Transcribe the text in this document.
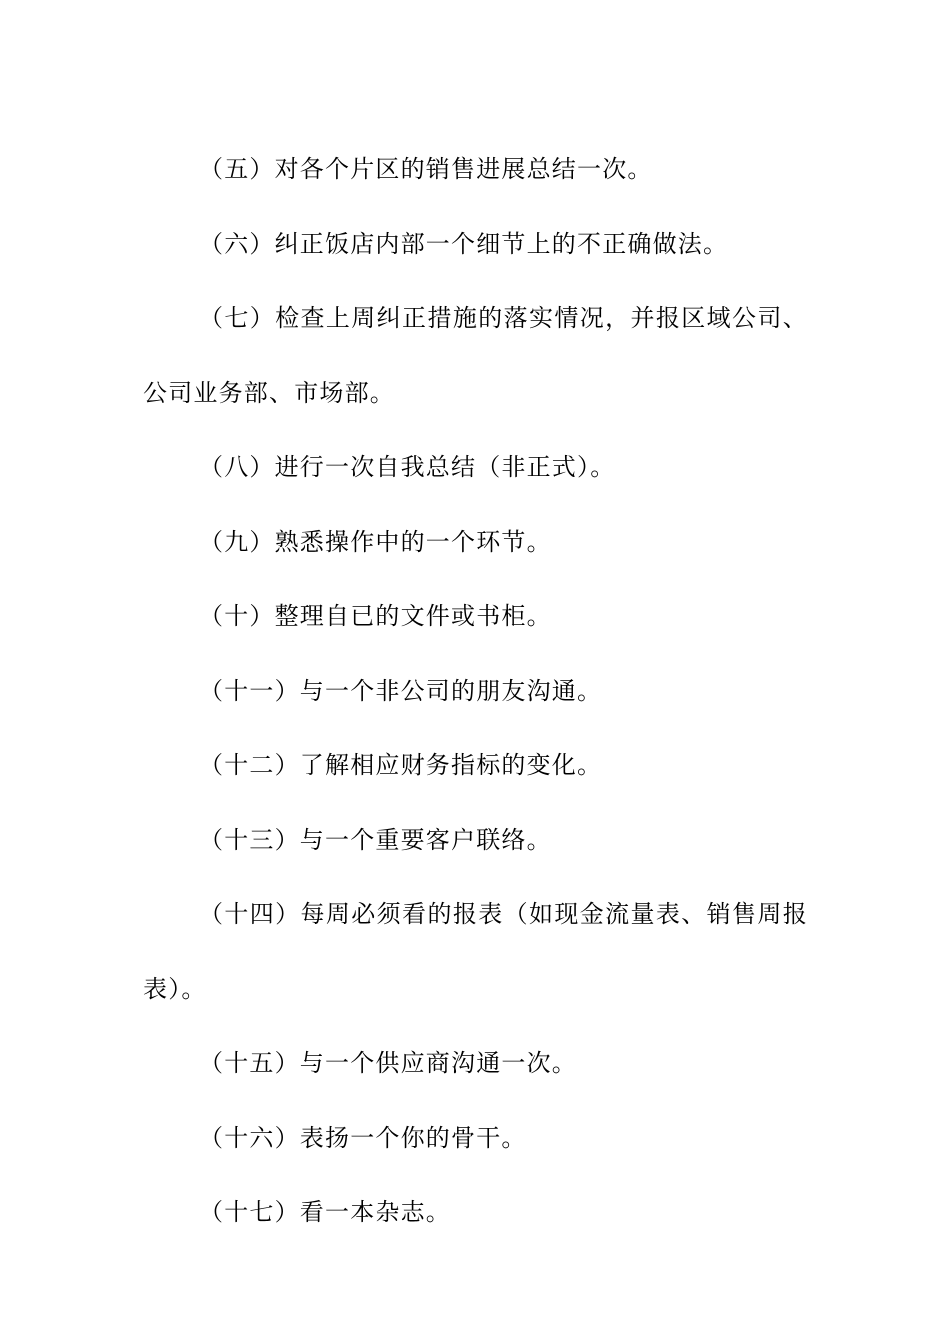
（五）对各个片区的销售进展总结一次。

（六）纠正饭店内部一个细节上的不正确做法。

（七）检查上周纠正措施的落实情况，并报区域公司、公司业务部、市场部。

（八）进行一次自我总结（非正式）。

（九）熟悉操作中的一个环节。

（十）整理自已的文件或书柜。

（十一）与一个非公司的朋友沟通。

（十二）了解相应财务指标的变化。

（十三）与一个重要客户联络。

（十四）每周必须看的报表（如现金流量表、销售周报表）。

（十五）与一个供应商沟通一次。

（十六）表扬一个你的骨干。

（十七）看一本杂志。
